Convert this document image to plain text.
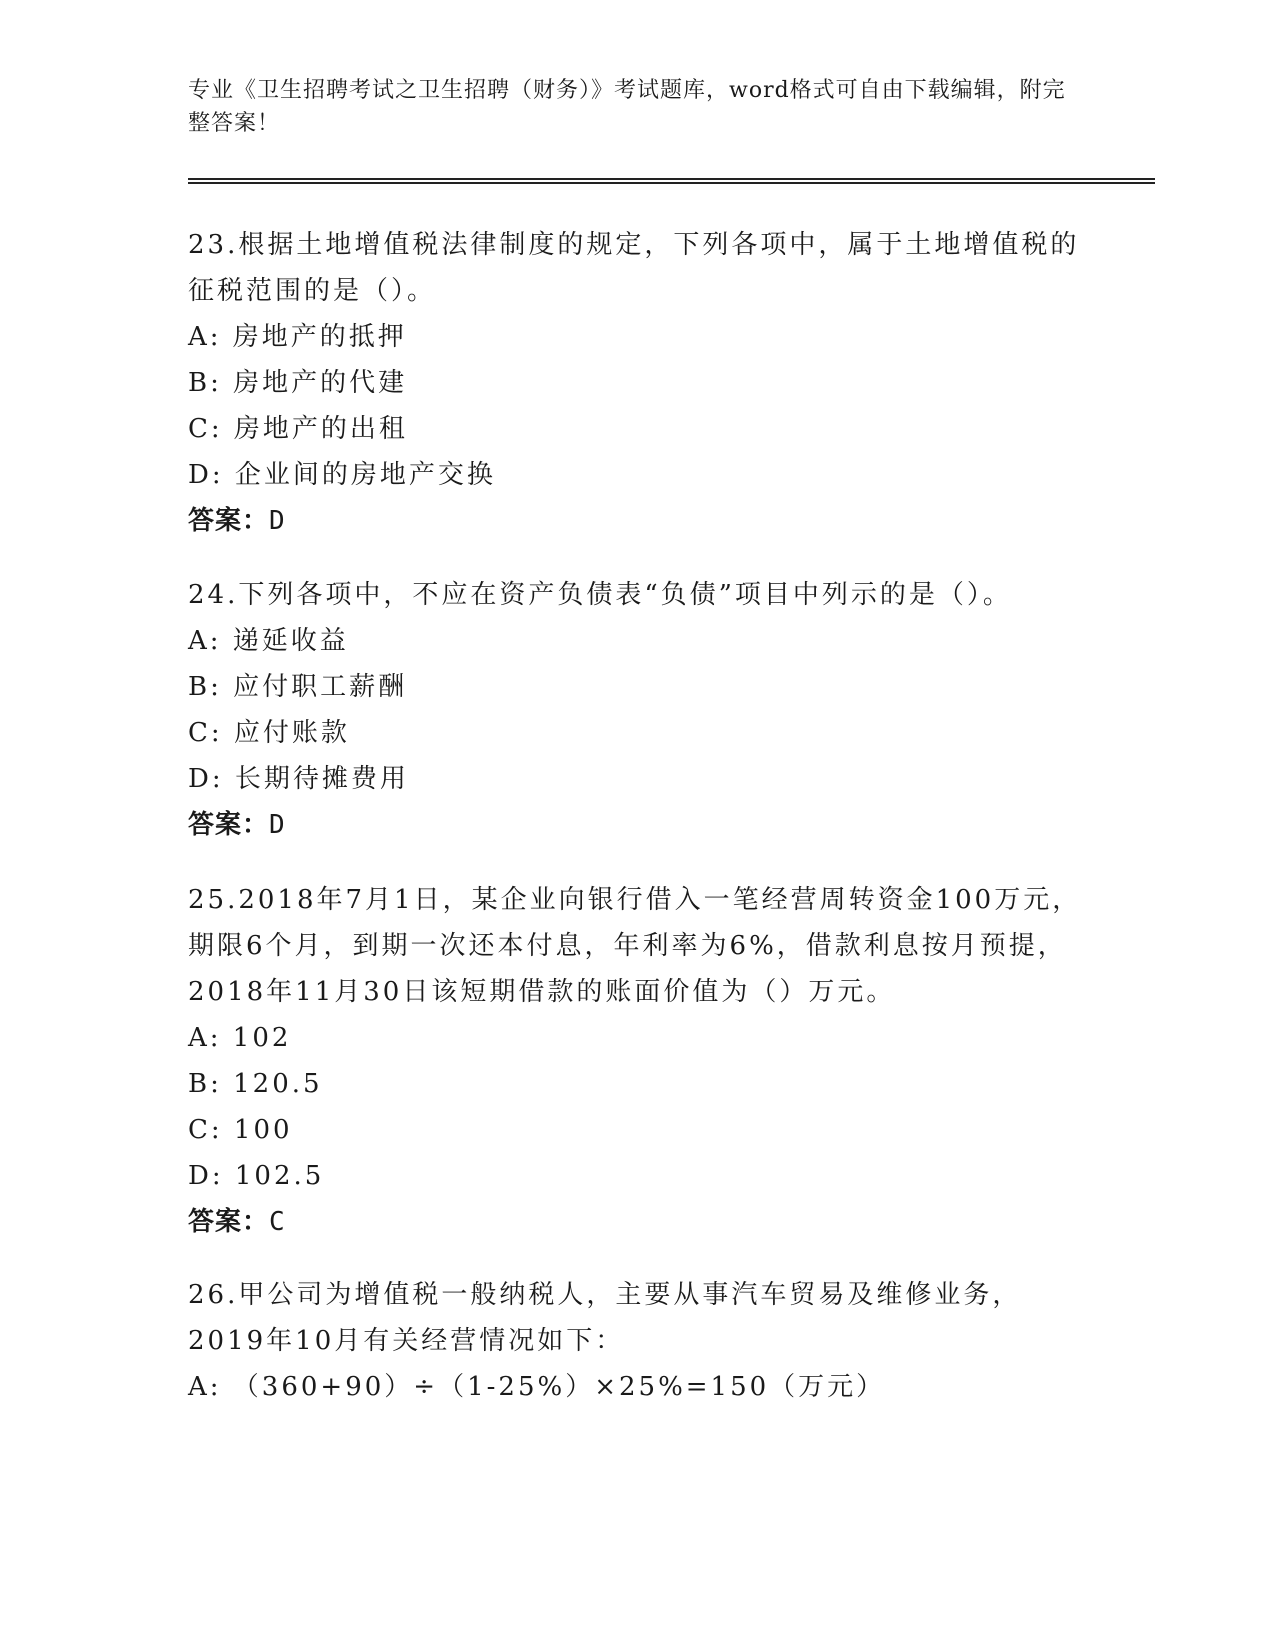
专业《卫生招聘考试之卫生招聘（财务）》考试题库，word格式可自由下载编辑，附完整答案！
23.根据土地增值税法律制度的规定，下列各项中，属于土地增值税的征税范围的是（）。
A: 房地产的抵押
B: 房地产的代建
C: 房地产的出租
D: 企业间的房地产交换
答案：D
24.下列各项中，不应在资产负债表“负债”项目中列示的是（）。
A: 递延收益
B: 应付职工薪酬
C: 应付账款
D: 长期待摊费用
答案：D
25.2018年7月1日，某企业向银行借入一笔经营周转资金100万元，期限6个月，到期一次还本付息，年利率为6%，借款利息按月预提，2018年11月30日该短期借款的账面价值为（）万元。
A: 102
B: 120.5
C: 100
D: 102.5
答案：C
26.甲公司为增值税一般纳税人，主要从事汽车贸易及维修业务，2019年10月有关经营情况如下：
A: （360+90）÷（1-25%）×25%=150（万元）
